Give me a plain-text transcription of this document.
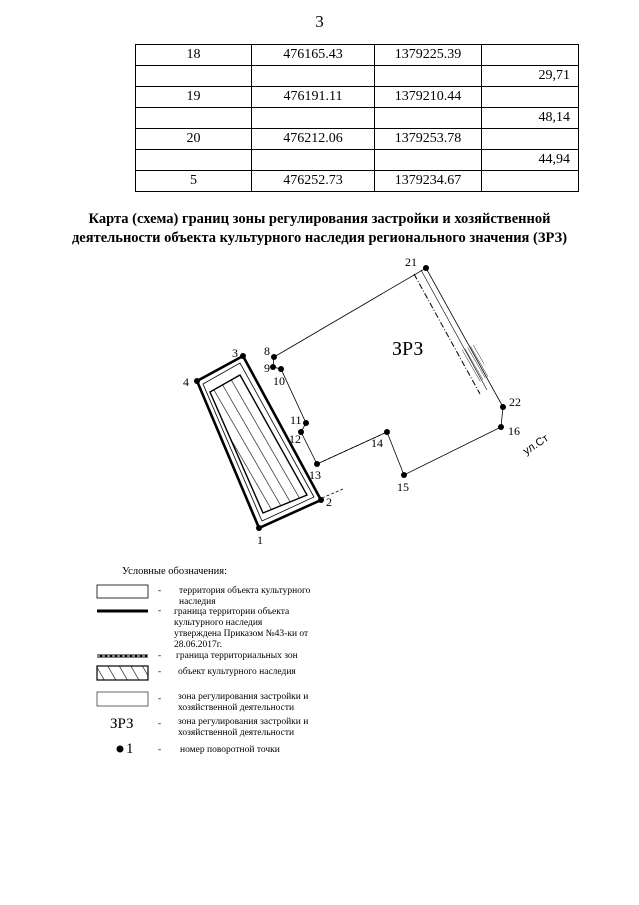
3
18	476165.43	1379225.39	
			29,71
19	476191.11	1379210.44	
			48,14
20	476212.06	1379253.78	
			44,94
5	476252.73	1379234.67	
Карта (схема) границ зоны регулирования застройки и хозяйственной
деятельности объекта культурного наследия регионального значения (ЗРЗ)
1
2
3
4
8
9
10
11
12
13
14
15
16
21
22
ЗРЗ
ул.Ст
Условные обозначения:
- территория объекта культурного
наследия
- граница территории объекта
культурного наследия
утверждена Приказом №43-ки от
28.06.2017г.
- граница территориальных зон
- объект культурного наследия
- зона регулирования застройки и
хозяйственной деятельности
ЗРЗ	- зона регулирования застройки и
хозяйственной деятельности
1	- номер поворотной точки
